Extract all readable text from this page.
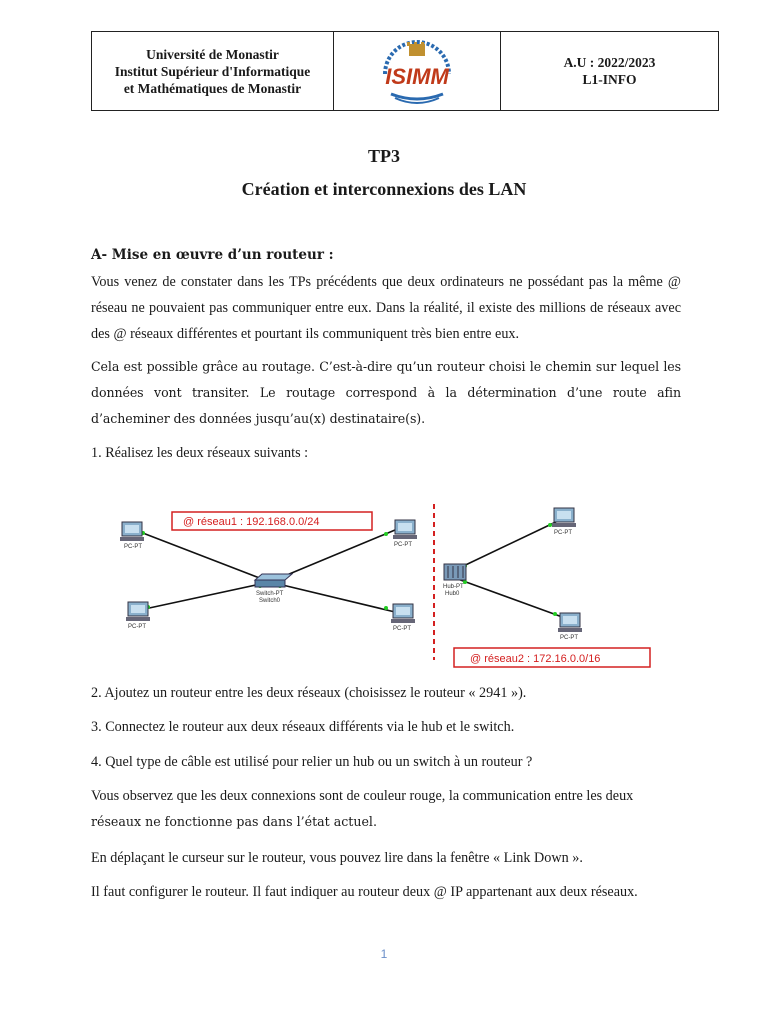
Université de Monastir
Institut Supérieur d'Informatique
et Mathématiques de Monastir	ISIMM
A.U : 2022/2023
L1-INFO
TP3
Création et interconnexions des LAN
A- Mise en œuvre d’un routeur :
Vous venez de constater dans les TPs précédents que deux ordinateurs ne possédant pas la même @ réseau ne pouvaient pas communiquer entre eux. Dans la réalité, il existe des millions de réseaux avec des @ réseaux différentes et pourtant ils communiquent très bien entre eux.
Cela est possible grâce au routage. C’est-à-dire qu’un routeur choisi le chemin sur lequel les données vont transiter. Le routage correspond à la détermination d’une route afin d’acheminer des données jusqu’au(x) destinataire(s).
1. Réalisez les deux réseaux suivants :
PC-PT	PC-PT
PC-PT	PC-PT
Switch-PT
Switch0
@ réseau1 : 192.168.0.0/24
Hub-PT
Hub0
PC-PT
PC-PT
@ réseau2 : 172.16.0.0/16
2. Ajoutez un routeur entre les deux réseaux (choisissez le routeur « 2941 »).
3. Connectez le routeur aux deux réseaux différents via le hub et le switch.
4. Quel type de câble est utilisé pour relier un hub ou un switch à un routeur ?
Vous observez que les deux connexions sont de couleur rouge, la communication entre les deux
réseaux ne fonctionne pas dans l’état actuel.
En déplaçant le curseur sur le routeur, vous pouvez lire dans la fenêtre « Link Down ».
Il faut configurer le routeur. Il faut indiquer au routeur deux @ IP appartenant aux deux réseaux.
1
